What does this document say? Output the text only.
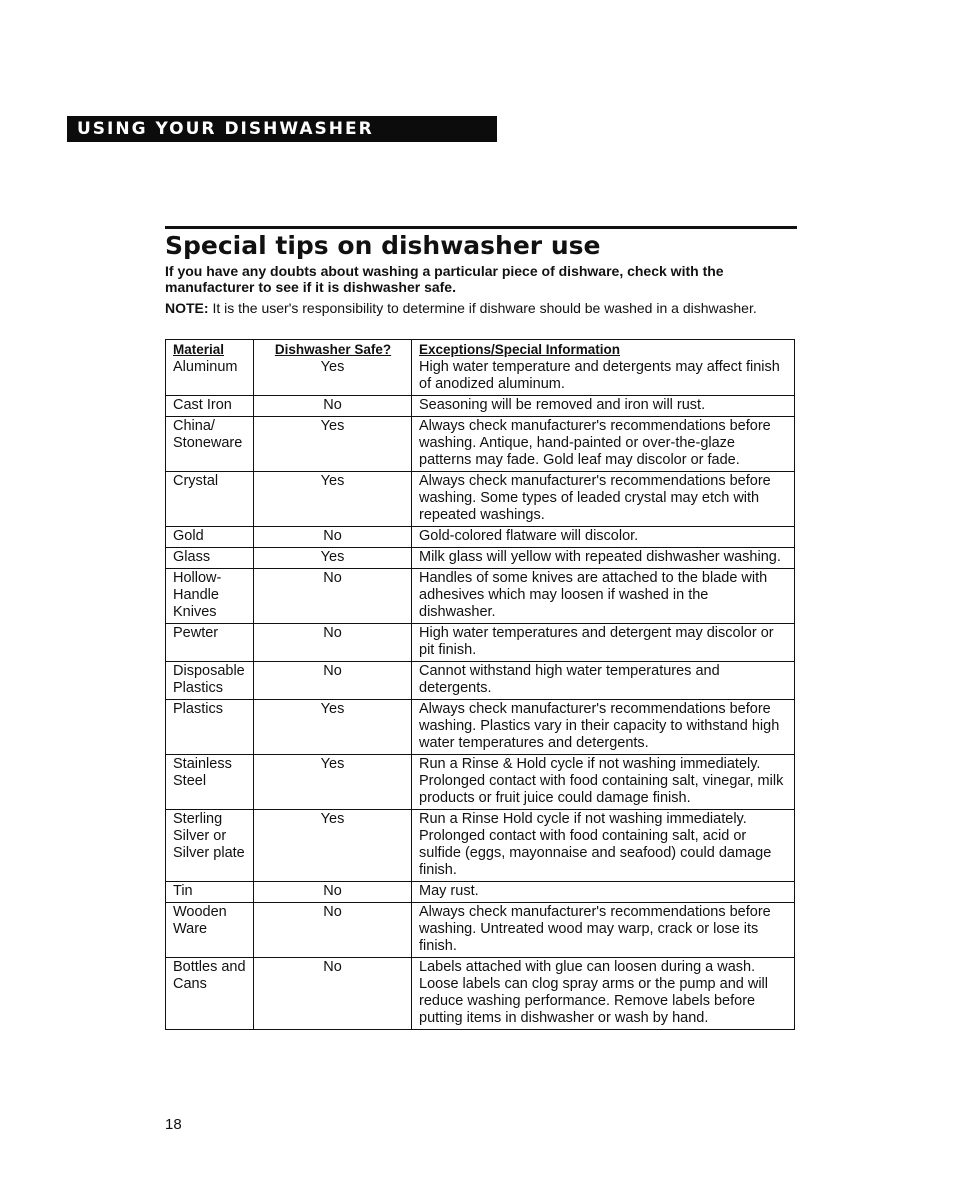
USING YOUR DISHWASHER
Special tips on dishwasher use

If you have any doubts about washing a particular piece of dishware, check with the manufacturer to see if it is dishwasher safe.

NOTE: It is the user's responsibility to determine if dishware should be washed in a dishwasher.

Material	Dishwasher Safe?	Exceptions/Special Information
Aluminum	Yes	High water temperature and detergents may affect finish of anodized aluminum.
Cast Iron	No	Seasoning will be removed and iron will rust.
China/ Stoneware	Yes	Always check manufacturer's recommendations before washing. Antique, hand-painted or over-the-glaze patterns may fade. Gold leaf may discolor or fade.
Crystal	Yes	Always check manufacturer's recommendations before washing. Some types of leaded crystal may etch with repeated washings.
Gold	No	Gold-colored flatware will discolor.
Glass	Yes	Milk glass will yellow with repeated dishwasher washing.
Hollow-Handle Knives	No	Handles of some knives are attached to the blade with adhesives which may loosen if washed in the dishwasher.
Pewter	No	High water temperatures and detergent may discolor or pit finish.
Disposable Plastics	No	Cannot withstand high water temperatures and detergents.
Plastics	Yes	Always check manufacturer's recommendations before washing. Plastics vary in their capacity to withstand high water temperatures and detergents.
Stainless Steel	Yes	Run a Rinse & Hold cycle if not washing immediately. Prolonged contact with food containing salt, vinegar, milk products or fruit juice could damage finish.
Sterling Silver or Silver plate	Yes	Run a Rinse Hold cycle if not washing immediately. Prolonged contact with food containing salt, acid or sulfide (eggs, mayonnaise and seafood) could damage finish.
Tin	No	May rust.
Wooden Ware	No	Always check manufacturer's recommendations before washing. Untreated wood may warp, crack or lose its finish.
Bottles and Cans	No	Labels attached with glue can loosen during a wash. Loose labels can clog spray arms or the pump and will reduce washing performance. Remove labels before putting items in dishwasher or wash by hand.
18
